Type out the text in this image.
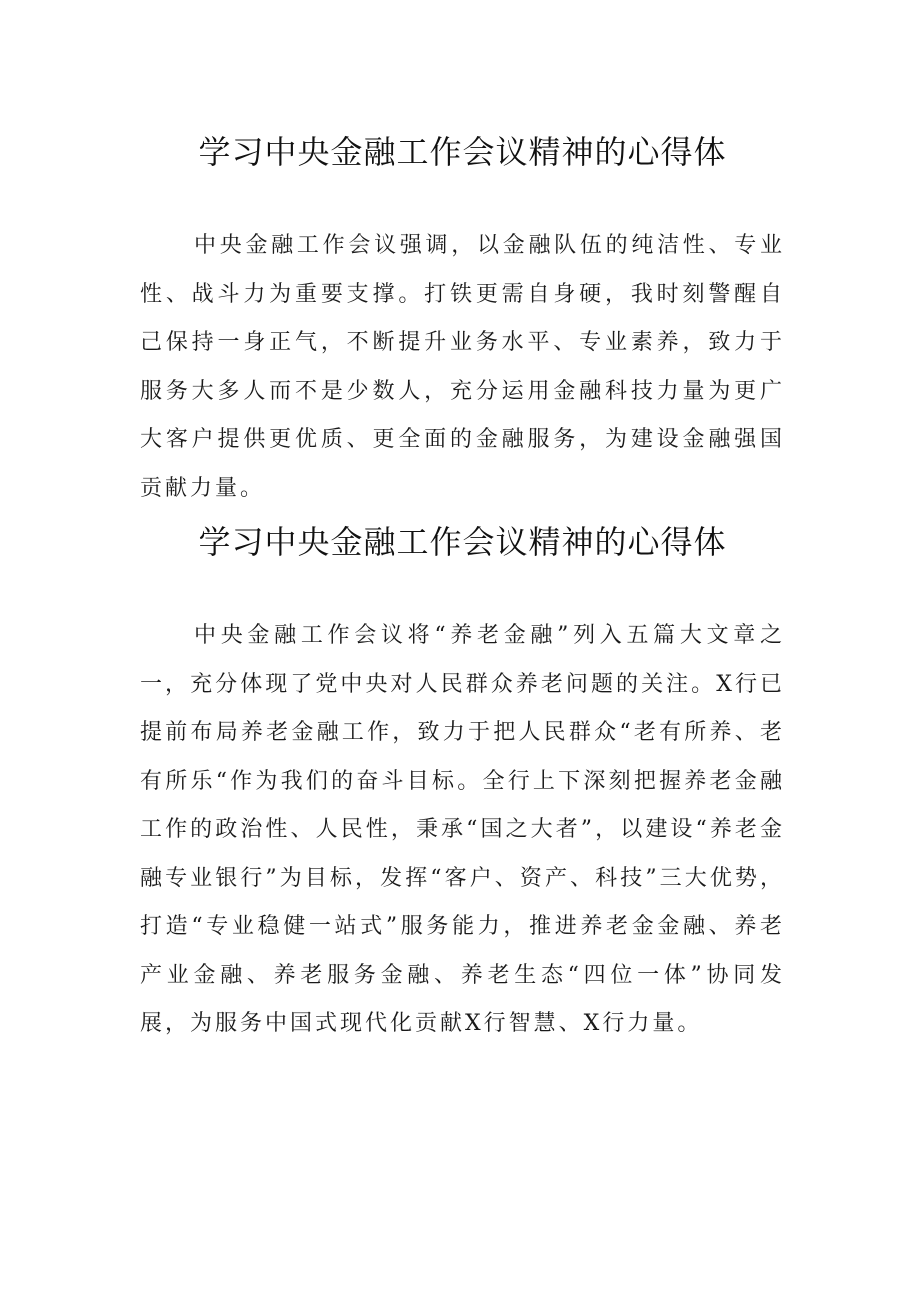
学习中央金融工作会议精神的心得体

中央金融工作会议强调，以金融队伍的纯洁性、专业性、战斗力为重要支撑。打铁更需自身硬，我时刻警醒自己保持一身正气，不断提升业务水平、专业素养，致力于服务大多人而不是少数人，充分运用金融科技力量为更广大客户提供更优质、更全面的金融服务，为建设金融强国贡献力量。

学习中央金融工作会议精神的心得体

中央金融工作会议将“养老金融”列入五篇大文章之一，充分体现了党中央对人民群众养老问题的关注。X行已提前布局养老金融工作，致力于把人民群众“老有所养、老有所乐“作为我们的奋斗目标。全行上下深刻把握养老金融工作的政治性、人民性，秉承“国之大者”，以建设“养老金融专业银行”为目标，发挥“客户、资产、科技”三大优势，打造“专业稳健一站式”服务能力，推进养老金金融、养老产业金融、养老服务金融、养老生态“四位一体”协同发展，为服务中国式现代化贡献X行智慧、X行力量。
